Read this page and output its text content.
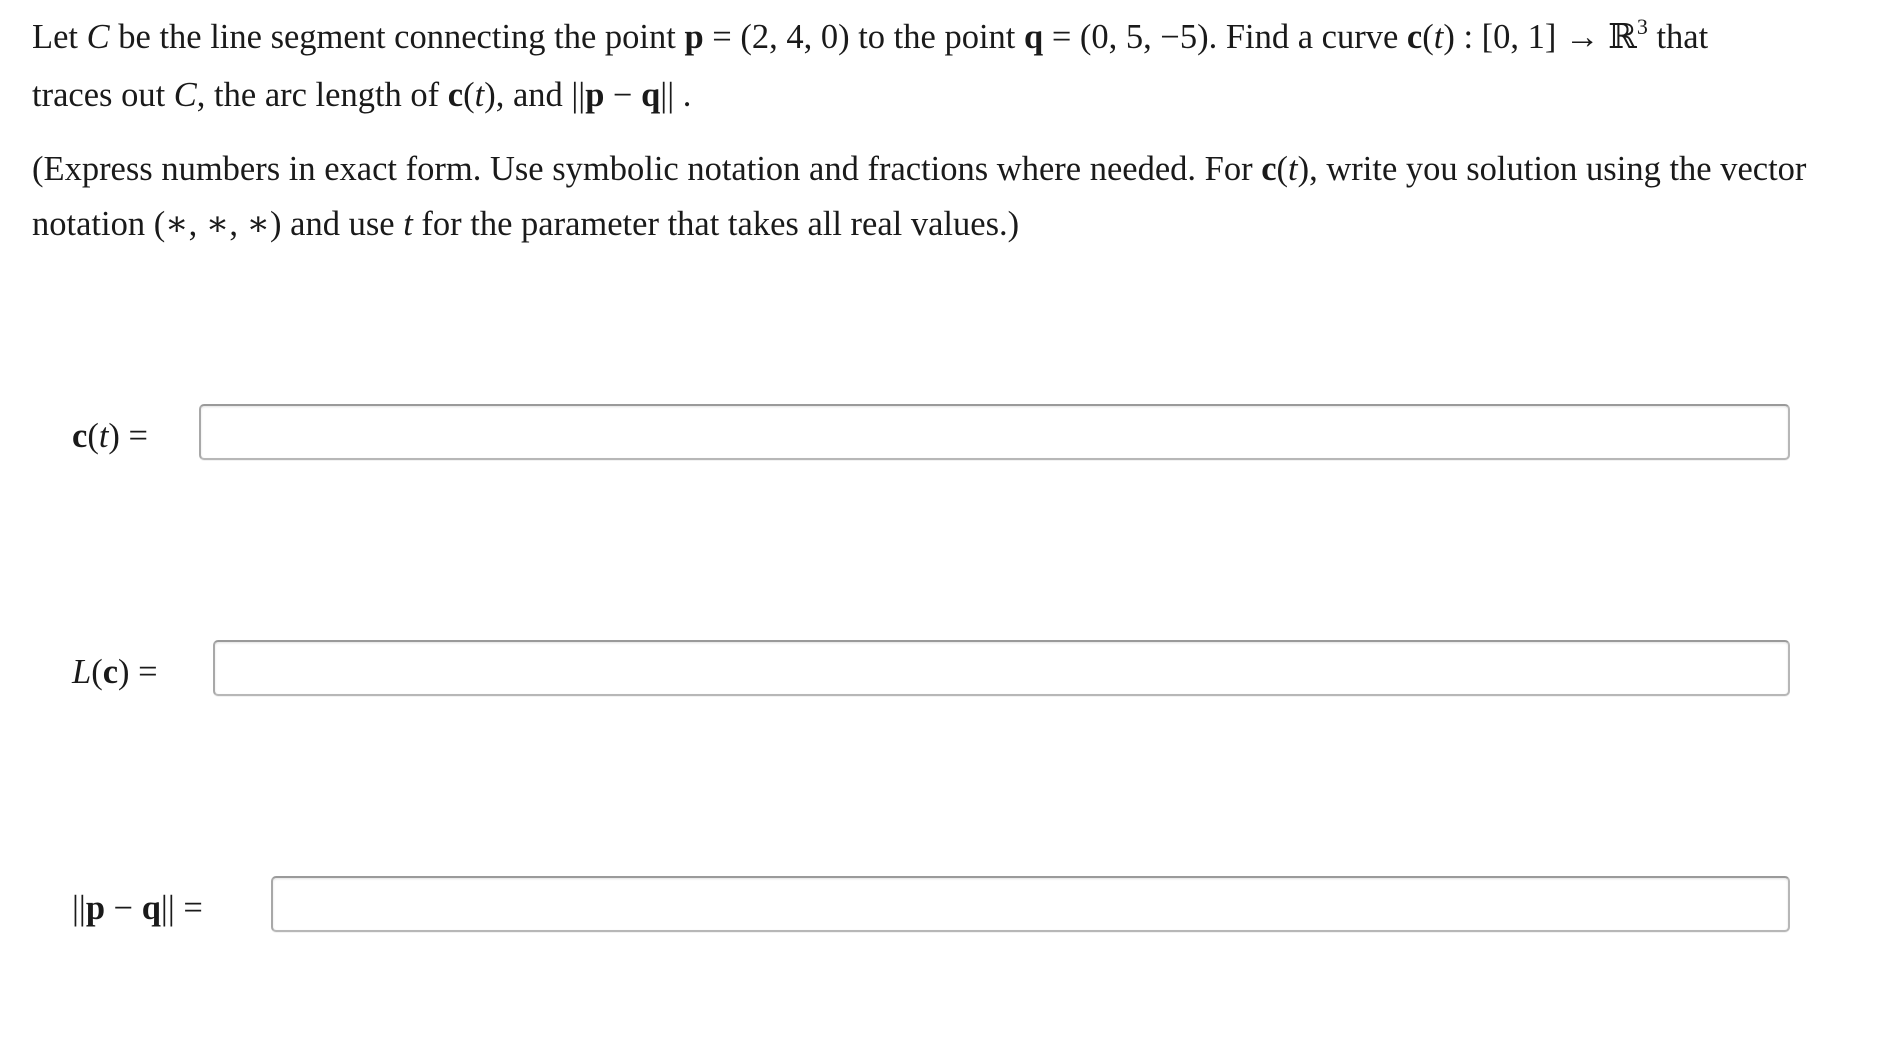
Let C be the line segment connecting the point p = (2, 4, 0) to the point q = (0, 5, −5). Find a curve c(t) : [0, 1] → ℝ$^3$ that

traces out C, the arc length of c(t), and ||p − q|| .

(Express numbers in exact form. Use symbolic notation and fractions where needed. For c(t), write you solution using the vector

notation (∗, ∗, ∗) and use t for the parameter that takes all real values.)

c(t) =
L(c) =
||p − q|| =
